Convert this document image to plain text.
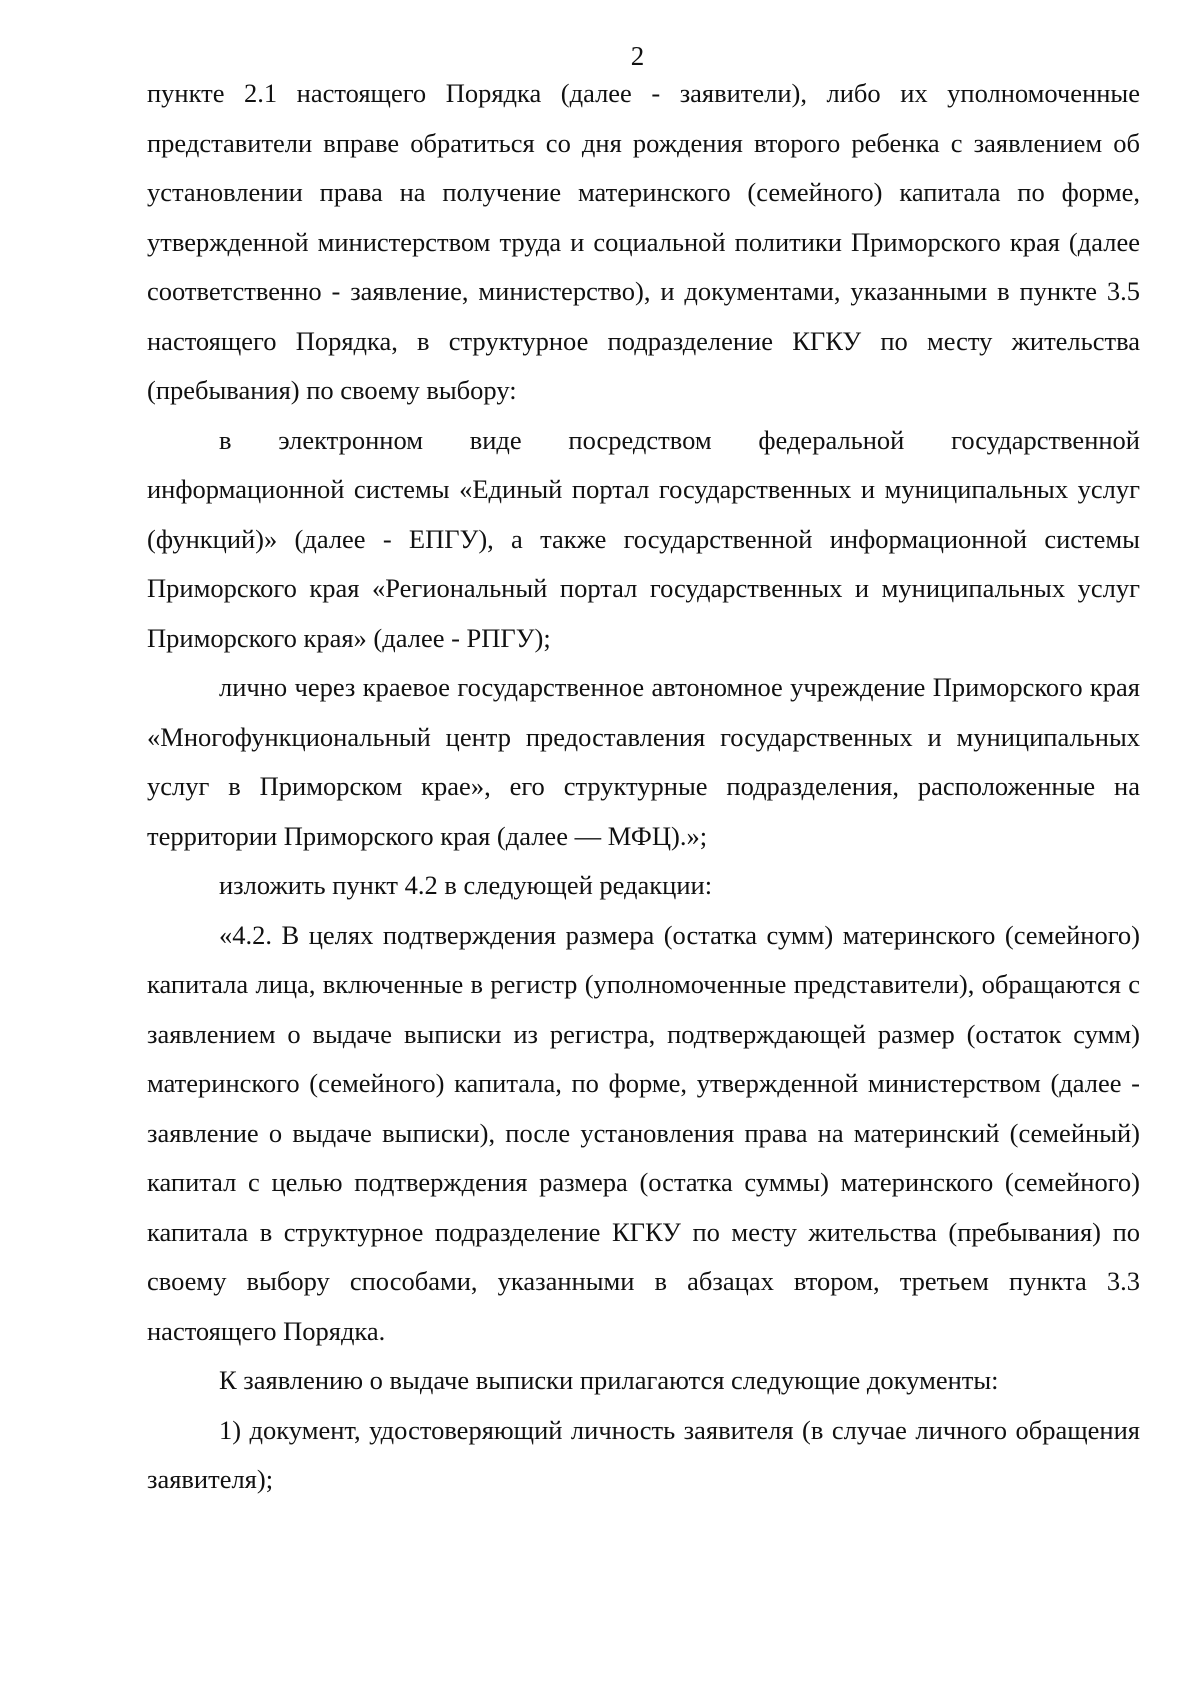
2

пункте 2.1 настоящего Порядка (далее - заявители), либо их уполномоченные представители вправе обратиться со дня рождения второго ребенка с заявлением об установлении права на получение материнского (семейного) капитала по форме, утвержденной министерством труда и социальной политики Приморского края (далее соответственно - заявление, министерство), и документами, указанными в пункте 3.5 настоящего Порядка, в структурное подразделение КГКУ по месту жительства (пребывания) по своему выбору:

в электронном виде посредством федеральной государственной информационной системы «Единый портал государственных и муниципальных услуг (функций)» (далее - ЕПГУ), а также государственной информационной системы Приморского края «Региональный портал государственных и муниципальных услуг Приморского края» (далее - РПГУ);

лично через краевое государственное автономное учреждение Приморского края «Многофункциональный центр предоставления государственных и муниципальных услуг в Приморском крае», его структурные подразделения, расположенные на территории Приморского края (далее — МФЦ).»;

изложить пункт 4.2 в следующей редакции:

«4.2. В целях подтверждения размера (остатка сумм) материнского (семейного) капитала лица, включенные в регистр (уполномоченные представители), обращаются с заявлением о выдаче выписки из регистра, подтверждающей размер (остаток сумм) материнского (семейного) капитала, по форме, утвержденной министерством (далее - заявление о выдаче выписки), после установления права на материнский (семейный) капитал с целью подтверждения размера (остатка суммы) материнского (семейного) капитала в структурное подразделение КГКУ по месту жительства (пребывания) по своему выбору способами, указанными в абзацах втором, третьем пункта 3.3 настоящего Порядка.

К заявлению о выдаче выписки прилагаются следующие документы:

1) документ, удостоверяющий личность заявителя (в случае личного обращения заявителя);
